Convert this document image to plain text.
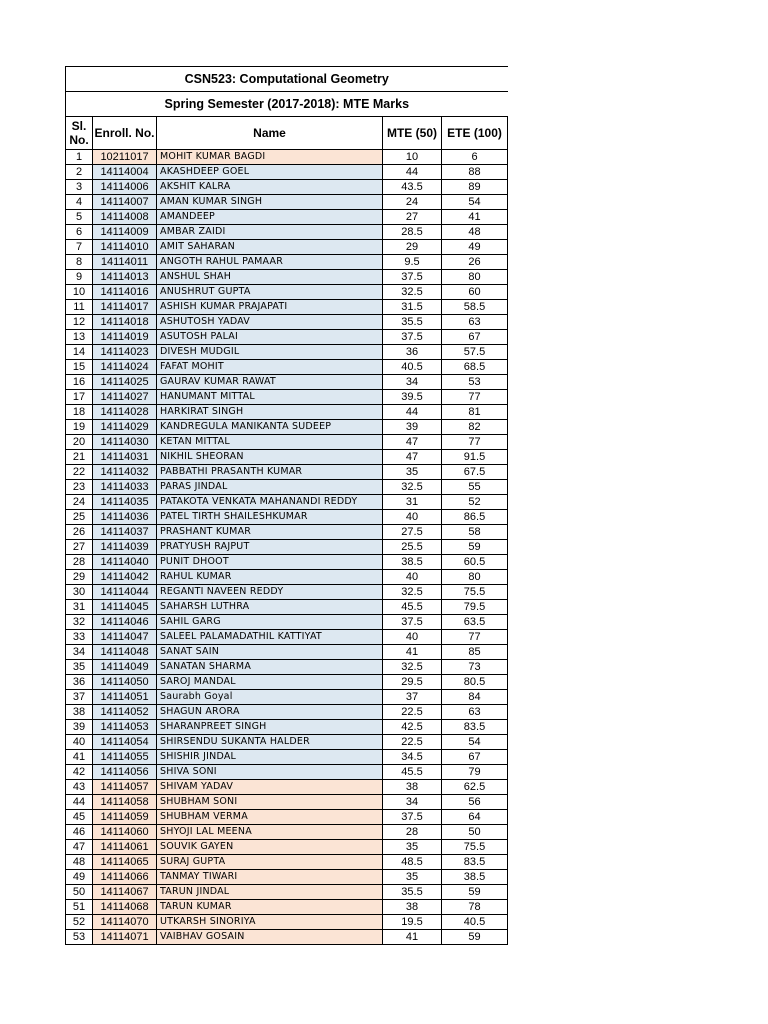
CSN523: Computational Geometry				
Spring Semester (2017-2018): MTE Marks				
Sl. No.	Enroll. No.	Name	MTE (50)	ETE (100)
1	10211017	MOHIT KUMAR BAGDI	10	6
2	14114004	AKASHDEEP GOEL	44	88
3	14114006	AKSHIT KALRA	43.5	89
4	14114007	AMAN KUMAR SINGH	24	54
5	14114008	AMANDEEP	27	41
6	14114009	AMBAR ZAIDI	28.5	48
7	14114010	AMIT SAHARAN	29	49
8	14114011	ANGOTH RAHUL PAMAAR	9.5	26
9	14114013	ANSHUL SHAH	37.5	80
10	14114016	ANUSHRUT GUPTA	32.5	60
11	14114017	ASHISH KUMAR PRAJAPATI	31.5	58.5
12	14114018	ASHUTOSH YADAV	35.5	63
13	14114019	ASUTOSH PALAI	37.5	67
14	14114023	DIVESH MUDGIL	36	57.5
15	14114024	FAFAT MOHIT	40.5	68.5
16	14114025	GAURAV KUMAR RAWAT	34	53
17	14114027	HANUMANT MITTAL	39.5	77
18	14114028	HARKIRAT SINGH	44	81
19	14114029	KANDREGULA MANIKANTA SUDEEP	39	82
20	14114030	KETAN MITTAL	47	77
21	14114031	NIKHIL SHEORAN	47	91.5
22	14114032	PABBATHI PRASANTH KUMAR	35	67.5
23	14114033	PARAS JINDAL	32.5	55
24	14114035	PATAKOTA VENKATA MAHANANDI REDDY	31	52
25	14114036	PATEL TIRTH SHAILESHKUMAR	40	86.5
26	14114037	PRASHANT KUMAR	27.5	58
27	14114039	PRATYUSH RAJPUT	25.5	59
28	14114040	PUNIT DHOOT	38.5	60.5
29	14114042	RAHUL KUMAR	40	80
30	14114044	REGANTI NAVEEN REDDY	32.5	75.5
31	14114045	SAHARSH LUTHRA	45.5	79.5
32	14114046	SAHIL GARG	37.5	63.5
33	14114047	SALEEL PALAMADATHIL KATTIYAT	40	77
34	14114048	SANAT SAIN	41	85
35	14114049	SANATAN SHARMA	32.5	73
36	14114050	SAROJ MANDAL	29.5	80.5
37	14114051	Saurabh Goyal	37	84
38	14114052	SHAGUN ARORA	22.5	63
39	14114053	SHARANPREET SINGH	42.5	83.5
40	14114054	SHIRSENDU SUKANTA HALDER	22.5	54
41	14114055	SHISHIR JINDAL	34.5	67
42	14114056	SHIVA SONI	45.5	79
43	14114057	SHIVAM YADAV	38	62.5
44	14114058	SHUBHAM SONI	34	56
45	14114059	SHUBHAM VERMA	37.5	64
46	14114060	SHYOJI LAL MEENA	28	50
47	14114061	SOUVIK GAYEN	35	75.5
48	14114065	SURAJ GUPTA	48.5	83.5
49	14114066	TANMAY TIWARI	35	38.5
50	14114067	TARUN JINDAL	35.5	59
51	14114068	TARUN KUMAR	38	78
52	14114070	UTKARSH SINORIYA	19.5	40.5
53	14114071	VAIBHAV GOSAIN	41	59
